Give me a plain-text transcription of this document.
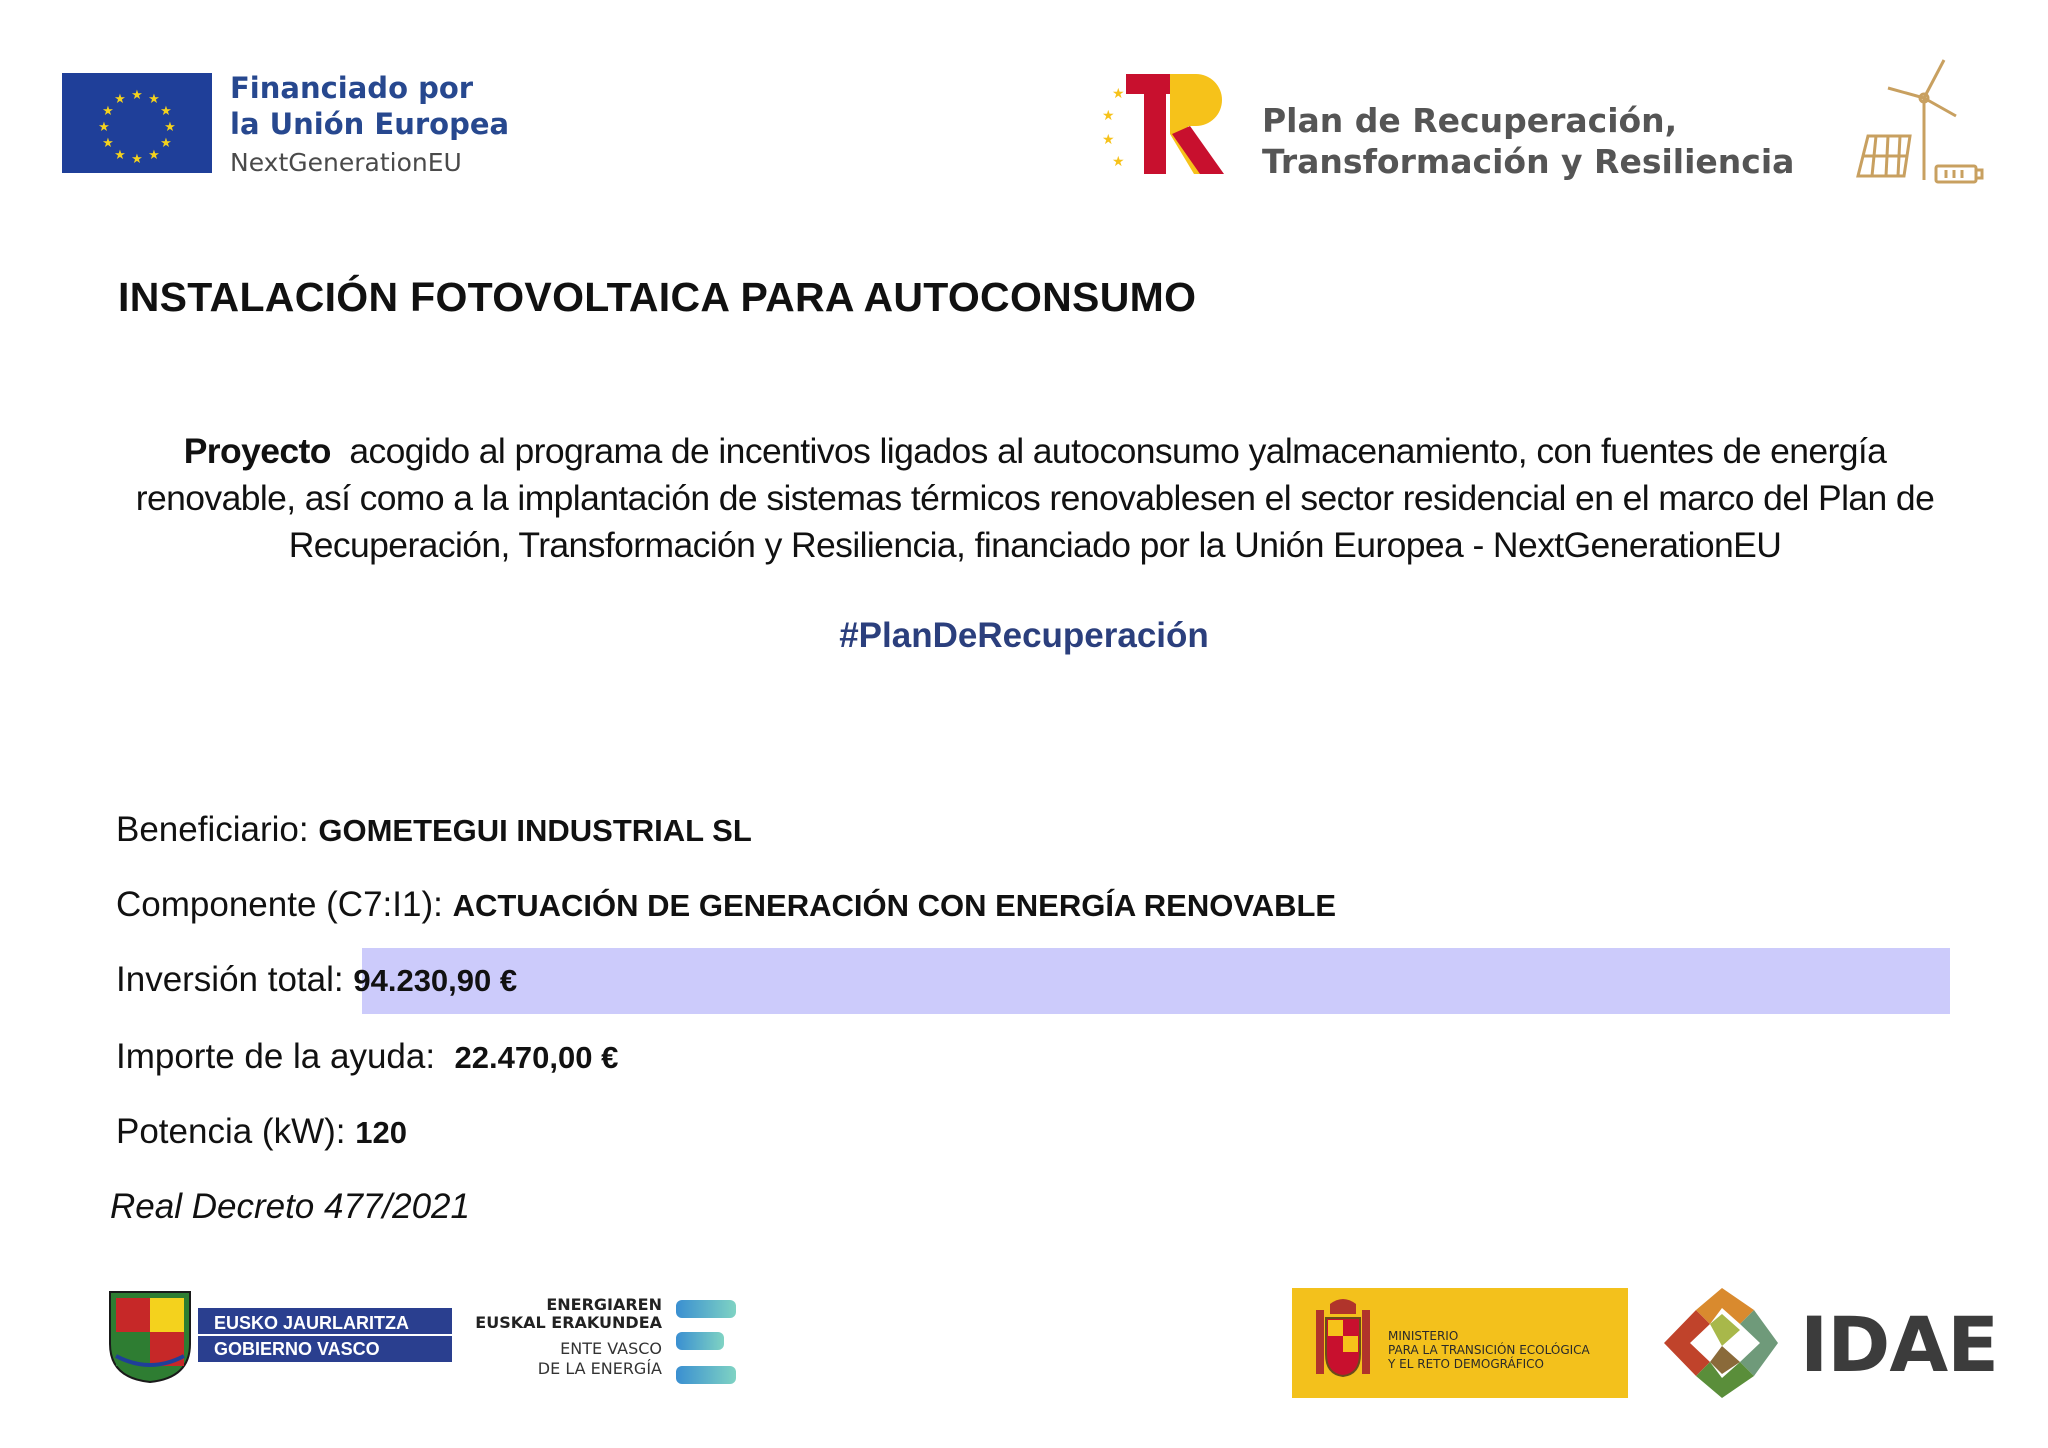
★ ★
★
★
★
★
★
★
★
★
★
★	Financiado por
la Unión Europea
NextGenerationEU
★
★
★
★
Plan de Recuperación,
Transformación y Resiliencia
INSTALACIÓN FOTOVOLTAICA PARA AUTOCONSUMO
Proyecto acogido al programa de incentivos ligados al autoconsumo yalmacenamiento, con fuentes de energía renovable, así como a la implantación de sistemas térmicos renovablesen el sector residencial en el marco del Plan de Recuperación, Transformación y Resiliencia, financiado por la Unión Europea - NextGenerationEU
#PlanDeRecuperación
Beneficiario: GOMETEGUI INDUSTRIAL SL
Componente (C7:I1): ACTUACIÓN DE GENERACIÓN CON ENERGÍA RENOVABLE
Inversión total: 94.230,90 €
Importe de la ayuda: 22.470,00 €
Potencia (kW): 120
Real Decreto 477/2021
EUSKO JAURLARITZA
GOBIERNO VASCO
ENERGIAREN
EUSKAL ERAKUNDEA
ENTE VASCO
DE LA ENERGÍA
MINISTERIO
PARA LA TRANSICIÓN ECOLÓGICA
Y EL RETO DEMOGRÁFICO	IDAE
